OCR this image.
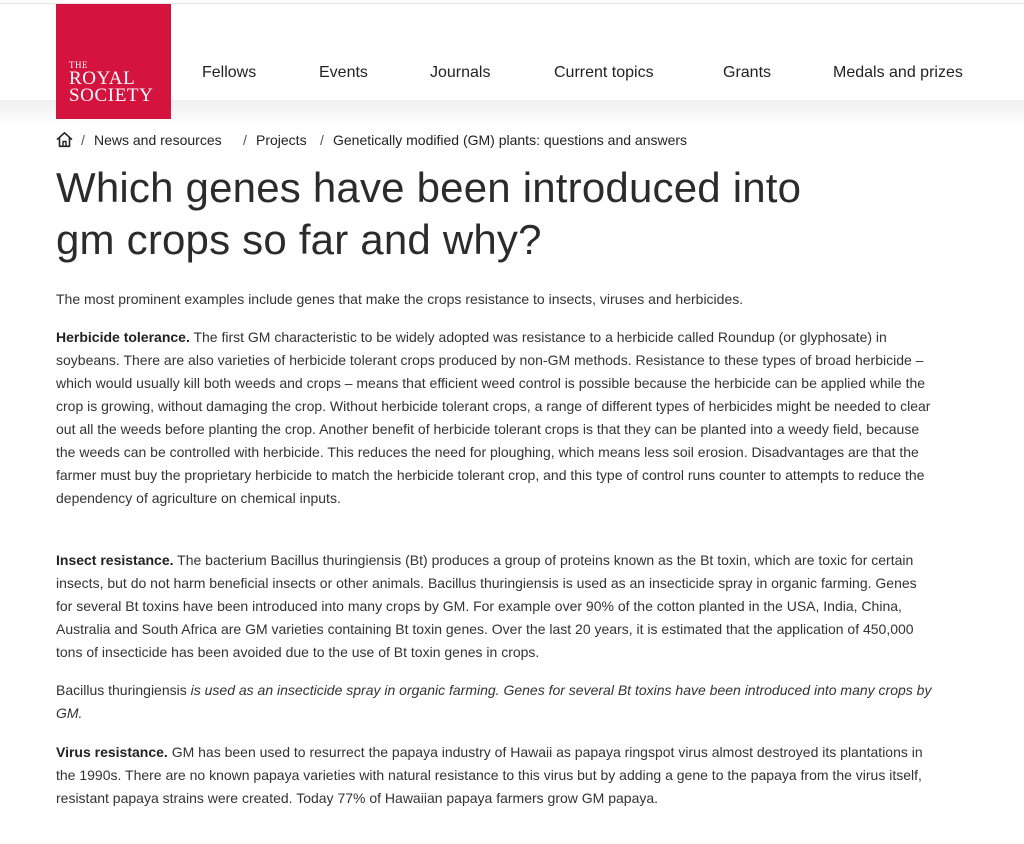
THE
ROYAL
SOCIETY
Fellows	Events	Journals	Current topics	Grants	Medals and prizes
/ News and resources / Projects / Genetically modified (GM) plants: questions and answers
Which genes have been introduced into
gm crops so far and why?

The most prominent examples include genes that make the crops resistance to insects, viruses and herbicides.

Herbicide tolerance. The first GM characteristic to be widely adopted was resistance to a herbicide called Roundup (or glyphosate) in soybeans. There are also varieties of herbicide tolerant crops produced by non-GM methods. Resistance to these types of broad herbicide – which would usually kill both weeds and crops – means that efficient weed control is possible because the herbicide can be applied while the crop is growing, without damaging the crop. Without herbicide tolerant crops, a range of different types of herbicides might be needed to clear out all the weeds before planting the crop. Another benefit of herbicide tolerant crops is that they can be planted into a weedy field, because the weeds can be controlled with herbicide. This reduces the need for ploughing, which means less soil erosion. Disadvantages are that the farmer must buy the proprietary herbicide to match the herbicide tolerant crop, and this type of control runs counter to attempts to reduce the dependency of agriculture on chemical inputs.

Insect resistance. The bacterium Bacillus thuringiensis (Bt) produces a group of proteins known as the Bt toxin, which are toxic for certain insects, but do not harm beneficial insects or other animals. Bacillus thuringiensis is used as an insecticide spray in organic farming. Genes for several Bt toxins have been introduced into many crops by GM. For example over 90% of the cotton planted in the USA, India, China, Australia and South Africa are GM varieties containing Bt toxin genes. Over the last 20 years, it is estimated that the application of 450,000 tons of insecticide has been avoided due to the use of Bt toxin genes in crops.

Bacillus thuringiensis is used as an insecticide spray in organic farming. Genes for several Bt toxins have been introduced into many crops by GM.

Virus resistance. GM has been used to resurrect the papaya industry of Hawaii as papaya ringspot virus almost destroyed its plantations in the 1990s. There are no known papaya varieties with natural resistance to this virus but by adding a gene to the papaya from the virus itself, resistant papaya strains were created. Today 77% of Hawaiian papaya farmers grow GM papaya.
